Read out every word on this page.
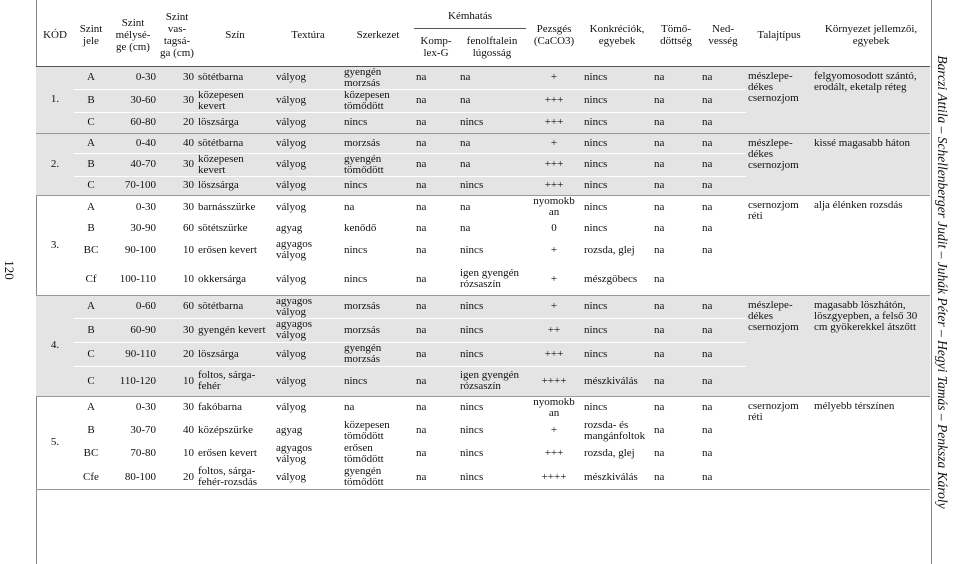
120
KÓD	Szint jele	Szint mélysé- ge (cm)	Szint vas- tagsá- ga (cm)	Szín	Textúra	Szerkezet	Kémhatás		Pezsgés (CaCO3)	Konkréciók, egyebek	Tömő- döttség	Ned- vesség	Talajtípus	Környezet jellemzői, egyebek
							Komp- lex-G	fenolftalein lúgosság						
1.	A	0-30	30	sötétbarna	vályog	gyengén morzsás	na	na	+	nincs	na	na	mészlepe- dékes csernozjom	felgyomosodott szántó, erodált, eketalp réteg
	B	30-60	30	közepesen kevert	vályog	közepesen tömődött	na	na	+++	nincs	na	na		
	C	60-80	20	löszsárga	vályog	nincs	na	nincs	+++	nincs	na	na		
2.	A	0-40	40	sötétbarna	vályog	morzsás	na	na	+	nincs	na	na	mészlepe- dékes csernozjom	kissé magasabb háton
	B	40-70	30	közepesen kevert	vályog	gyengén tömődött	na	na	+++	nincs	na	na		
	C	70-100	30	löszsárga	vályog	nincs	na	nincs	+++	nincs	na	na		
3.	A	0-30	30	barnásszürke	vályog	na	na	na	nyomokb an	nincs	na	na	csernozjom réti	alja élénken rozsdás
	B	30-90	60	sötétszürke	agyag	kenődő	na	na	0	nincs	na	na		
	BC	90-100	10	erősen kevert	agyagos vályog	nincs	na	nincs	+	rozsda, glej	na	na		
	Cf	100-110	10	okkersárga	vályog	nincs	na	igen gyengén rózsaszín	+	mészgöbecs	na			
4.	A	0-60	60	sötétbarna	agyagos vályog	morzsás	na	nincs	+	nincs	na	na	mészlepe- dékes csernozjom	magasabb löszhátón, löszgyepben, a felső 30 cm gyökerekkel átszőtt
	B	60-90	30	gyengén kevert	agyagos vályog	morzsás	na	nincs	++	nincs	na	na		
	C	90-110	20	löszsárga	vályog	gyengén morzsás	na	nincs	+++	nincs	na	na		
	C	110-120	10	foltos, sárga- fehér	vályog	nincs	na	igen gyengén rózsaszín	++++	mészkiválás	na	na		
5.	A	0-30	30	fakóbarna	vályog	na	na	nincs	nyomokb an	nincs	na	na	csernozjom réti	mélyebb térszínen
	B	30-70	40	középszürke	agyag	közepesen tömődött	na	nincs	+	rozsda- és mangánfoltok	na	na		
	BC	70-80	10	erősen kevert	agyagos vályog	erősen tömődött	na	nincs	+++	rozsda, glej	na	na		
	Cfe	80-100	20	foltos, sárga- fehér-rozsdás	vályog	gyengén tömődött	na	nincs	++++	mészkiválás	na	na			Barczi Attila – Schellenberger Judit – Juhák Péter – Hegyi Tamás – Penksza Károly
